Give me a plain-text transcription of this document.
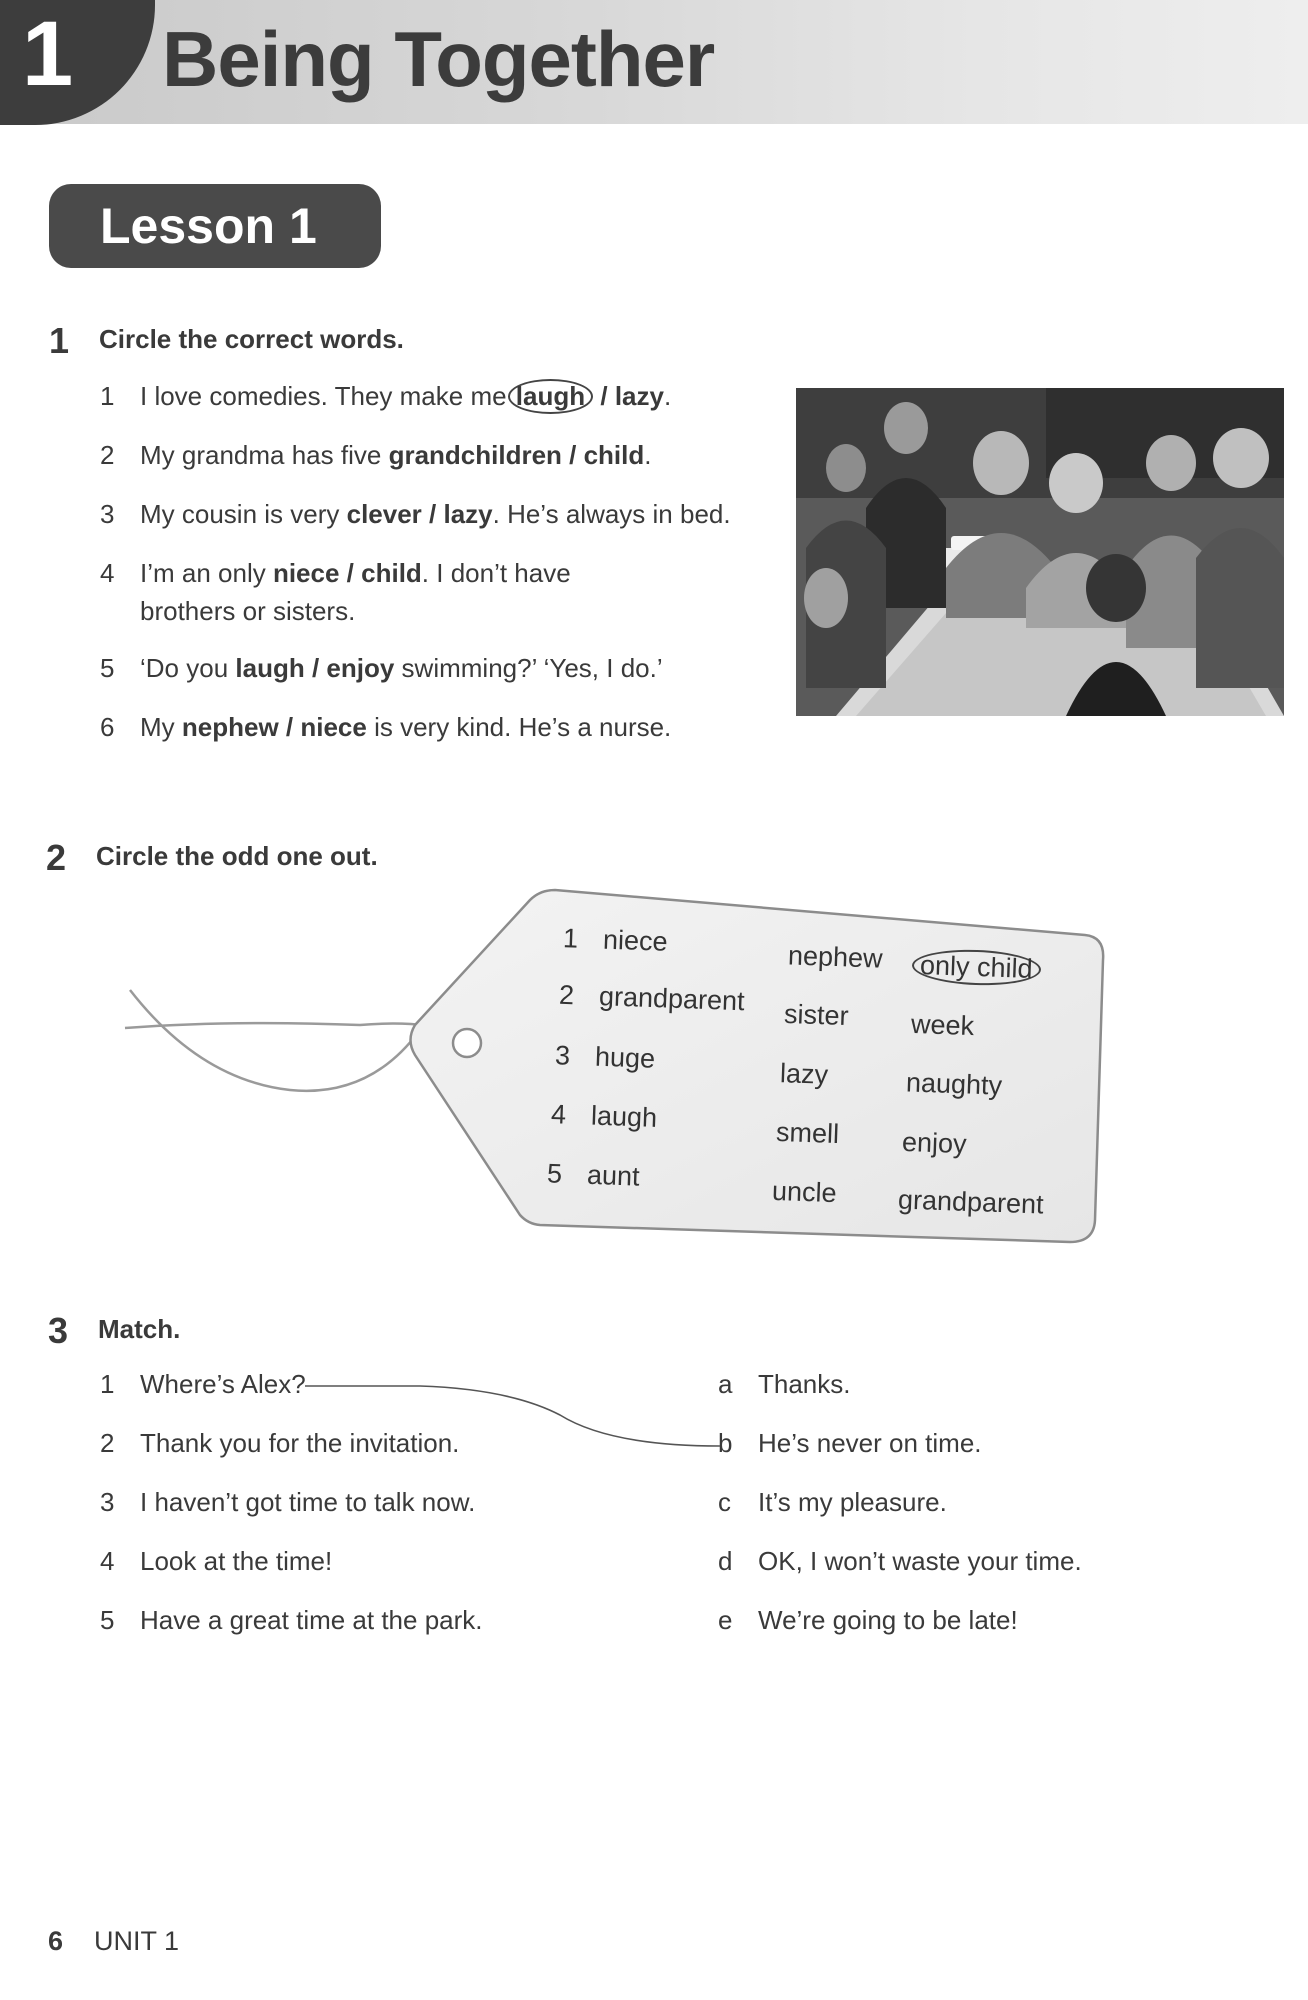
1 Being Together
Lesson 1
1 Circle the correct words.
1 I love comedies. They make me laugh / lazy.
2 My grandma has five grandchildren / child.
3 My cousin is very clever / lazy. He’s always in bed.
4 I’m an only niece / child. I don’t have
brothers or sisters.
5 ‘Do you laugh / enjoy swimming?’ ‘Yes, I do.’
6 My nephew / niece is very kind. He’s a nurse.
2 Circle the odd one out.
1 niece	nephew only child
2 grandparent sister week
3 huge
lazy	naughty
4 laugh
smell enjoy
5 aunt
uncle grandparent
3 Match.
1 Where’s Alex?
2 Thank you for the invitation.
3 I haven’t got time to talk now.
4 Look at the time!
5 Have a great time at the park.
a Thanks.
b He’s never on time.
c It’s my pleasure.
d OK, I won’t waste your time.
e We’re going to be late!
6 UNIT 1
